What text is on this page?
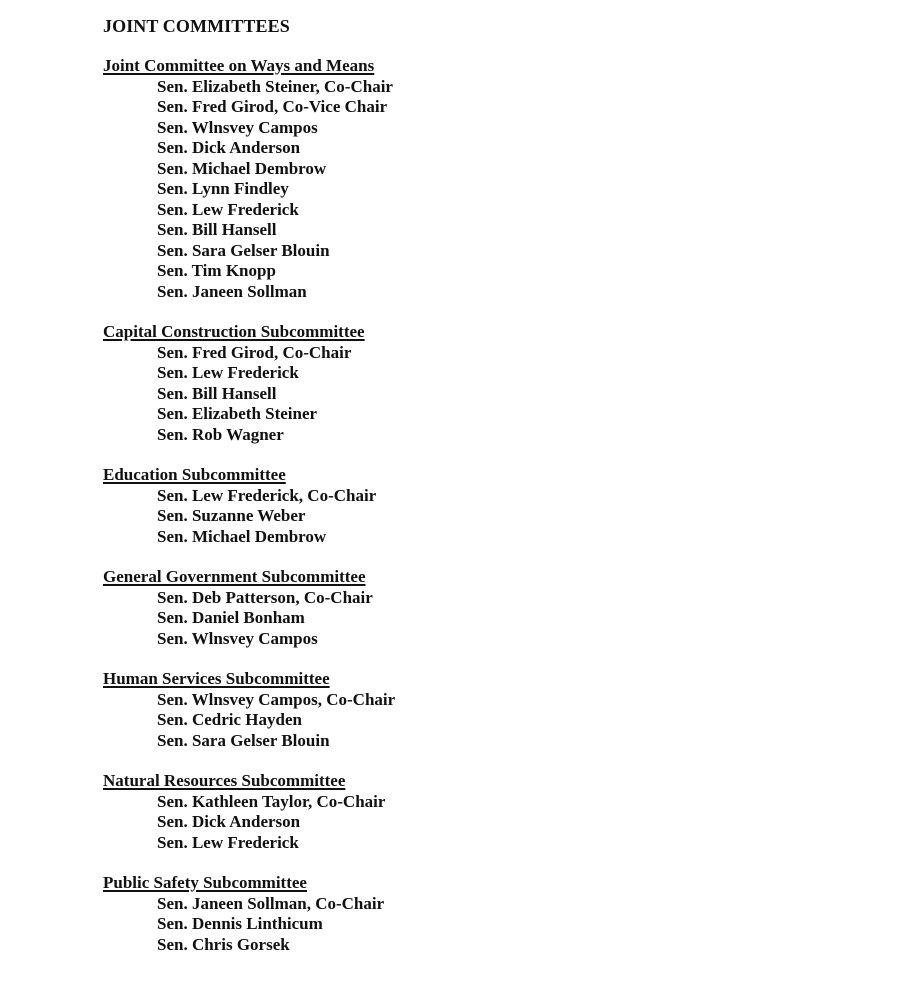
JOINT COMMITTEES
Joint Committee on Ways and Means
Sen. Elizabeth Steiner, Co-Chair
Sen. Fred Girod, Co-Vice Chair
Sen. Wlnsvey Campos
Sen. Dick Anderson
Sen. Michael Dembrow
Sen. Lynn Findley
Sen. Lew Frederick
Sen. Bill Hansell
Sen. Sara Gelser Blouin
Sen. Tim Knopp
Sen. Janeen Sollman
Capital Construction Subcommittee
Sen. Fred Girod, Co-Chair
Sen. Lew Frederick
Sen. Bill Hansell
Sen. Elizabeth Steiner
Sen. Rob Wagner
Education Subcommittee
Sen. Lew Frederick, Co-Chair
Sen. Suzanne Weber
Sen. Michael Dembrow
General Government Subcommittee
Sen. Deb Patterson, Co-Chair
Sen. Daniel Bonham
Sen. Wlnsvey Campos
Human Services Subcommittee
Sen. Wlnsvey Campos, Co-Chair
Sen. Cedric Hayden
Sen. Sara Gelser Blouin
Natural Resources Subcommittee
Sen. Kathleen Taylor, Co-Chair
Sen. Dick Anderson
Sen. Lew Frederick
Public Safety Subcommittee
Sen. Janeen Sollman, Co-Chair
Sen. Dennis Linthicum
Sen. Chris Gorsek
